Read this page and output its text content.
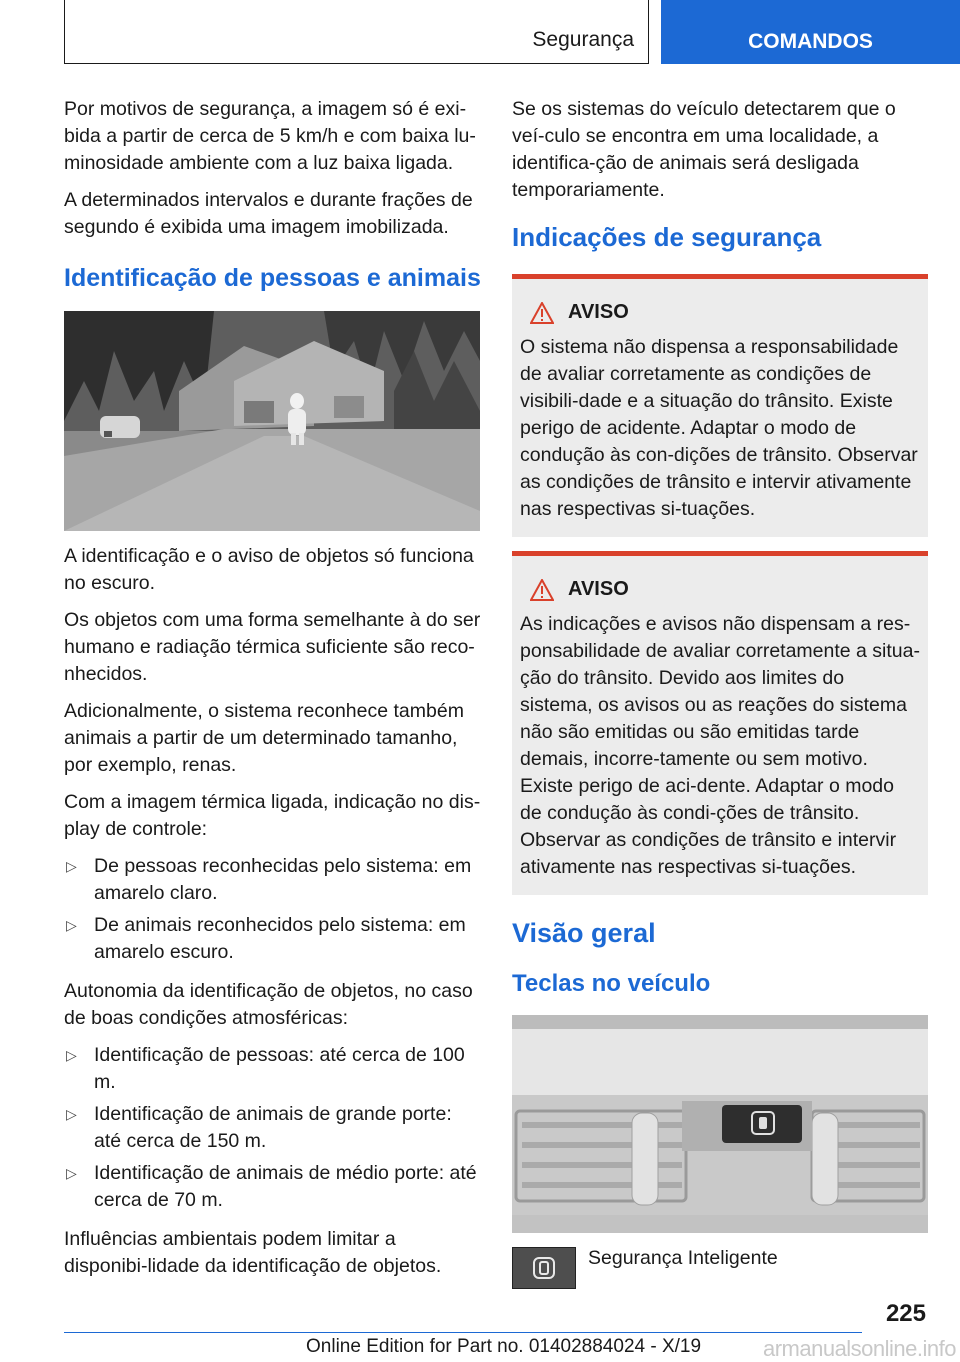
Segurança	COMANDOS

Por motivos de segurança, a imagem só é exi-bida a partir de cerca de 5 km/h e com baixa lu-minosidade ambiente com a luz baixa ligada.

A determinados intervalos e durante frações de segundo é exibida uma imagem imobilizada.

Identificação de pessoas e animais

A identificação e o aviso de objetos só funciona no escuro.

Os objetos com uma forma semelhante à do ser humano e radiação térmica suficiente são reco-nhecidos.

Adicionalmente, o sistema reconhece também animais a partir de um determinado tamanho, por exemplo, renas.

Com a imagem térmica ligada, indicação no dis-play de controle:

▷ De pessoas reconhecidas pelo sistema: em amarelo claro.
▷ De animais reconhecidos pelo sistema: em amarelo escuro.

Autonomia da identificação de objetos, no caso de boas condições atmosféricas:

▷ Identificação de pessoas: até cerca de 100 m.
▷ Identificação de animais de grande porte: até cerca de 150 m.
▷ Identificação de animais de médio porte: até cerca de 70 m.

Influências ambientais podem limitar a disponibi-lidade da identificação de objetos.

Se os sistemas do veículo detectarem que o veí-culo se encontra em uma localidade, a identifica-ção de animais será desligada temporariamente.

Indicações de segurança
AVISO
O sistema não dispensa a responsabilidade de avaliar corretamente as condições de visibili-dade e a situação do trânsito. Existe perigo de acidente. Adaptar o modo de condução às con-dições de trânsito. Observar as condições de trânsito e intervir ativamente nas respectivas si-tuações.
AVISO
As indicações e avisos não dispensam a res-ponsabilidade de avaliar corretamente a situa-ção do trânsito. Devido aos limites do sistema, os avisos ou as reações do sistema não são emitidas ou são emitidas tarde demais, incorre-tamente ou sem motivo. Existe perigo de aci-dente. Adaptar o modo de condução às condi-ções de trânsito. Observar as condições de trânsito e intervir ativamente nas respectivas si-tuações.
Visão geral
Teclas no veículo
Segurança Inteligente
225
Online Edition for Part no. 01402884024 - X/19	armanualsonline.info
